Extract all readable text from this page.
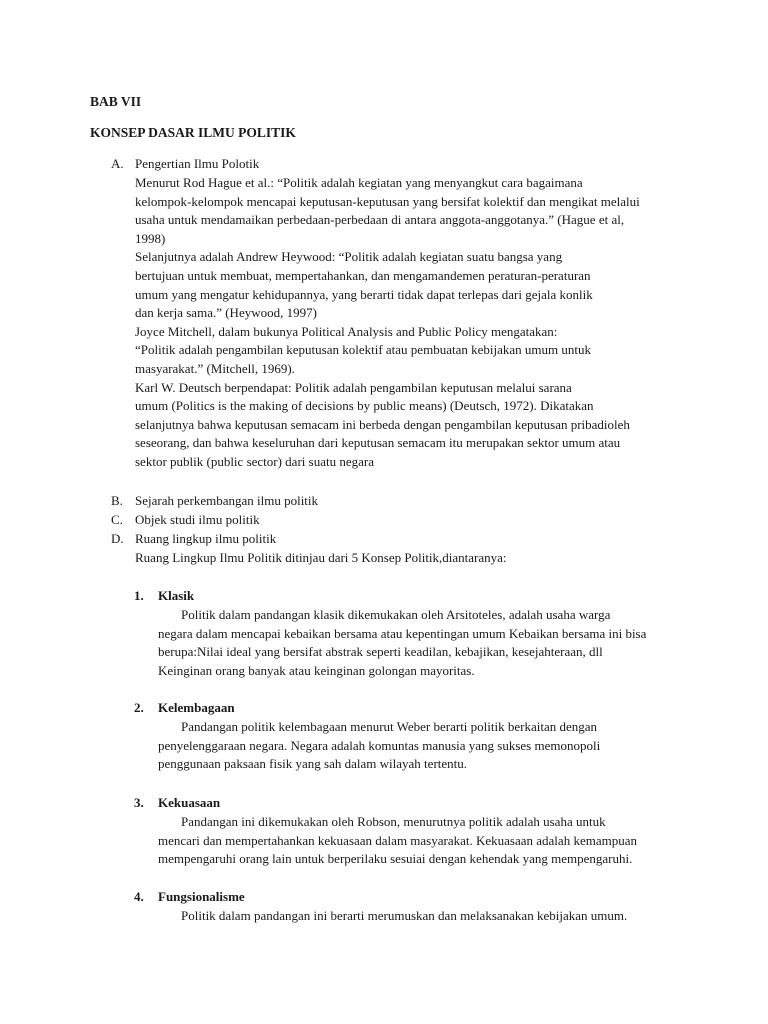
BAB VII
KONSEP DASAR ILMU POLITIK
A. Pengertian Ilmu Polotik
Menurut Rod Hague et al.: “Politik adalah kegiatan yang menyangkut cara bagaimana
kelompok-kelompok mencapai keputusan-keputusan yang bersifat kolektif dan mengikat melalui
usaha untuk mendamaikan perbedaan-perbedaan di antara anggota-anggotanya.” (Hague et al,
1998)
Selanjutnya adalah Andrew Heywood: “Politik adalah kegiatan suatu bangsa yang
bertujuan untuk membuat, mempertahankan, dan mengamandemen peraturan-peraturan
umum yang mengatur kehidupannya, yang berarti tidak dapat terlepas dari gejala konlik
dan kerja sama.” (Heywood, 1997)
Joyce Mitchell, dalam bukunya Political Analysis and Public Policy mengatakan:
“Politik adalah pengambilan keputusan kolektif atau pembuatan kebijakan umum untuk
masyarakat.” (Mitchell, 1969).
Karl W. Deutsch berpendapat: Politik adalah pengambilan keputusan melalui sarana
umum (Politics is the making of decisions by public means) (Deutsch, 1972). Dikatakan
selanjutnya bahwa keputusan semacam ini berbeda dengan pengambilan keputusan pribadioleh
seseorang, dan bahwa keseluruhan dari keputusan semacam itu merupakan sektor umum atau
sektor publik (public sector) dari suatu negara
B. Sejarah perkembangan ilmu politik
C. Objek studi ilmu politik
D. Ruang lingkup ilmu politik
Ruang Lingkup Ilmu Politik ditinjau dari 5 Konsep Politik,diantaranya:
1. Klasik
Politik dalam pandangan klasik dikemukakan oleh Arsitoteles, adalah usaha warga
negara dalam mencapai kebaikan bersama atau kepentingan umum Kebaikan bersama ini bisa
berupa:Nilai ideal yang bersifat abstrak seperti keadilan, kebajikan, kesejahteraan, dll
Keinginan orang banyak atau keinginan golongan mayoritas.
2. Kelembagaan
Pandangan politik kelembagaan menurut Weber berarti politik berkaitan dengan
penyelenggaraan negara. Negara adalah komuntas manusia yang sukses memonopoli
penggunaan paksaan fisik yang sah dalam wilayah tertentu.
3. Kekuasaan
Pandangan ini dikemukakan oleh Robson, menurutnya politik adalah usaha untuk
mencari dan mempertahankan kekuasaan dalam masyarakat. Kekuasaan adalah kemampuan
mempengaruhi orang lain untuk berperilaku sesuiai dengan kehendak yang mempengaruhi.
4. Fungsionalisme
Politik dalam pandangan ini berarti merumuskan dan melaksanakan kebijakan umum.
